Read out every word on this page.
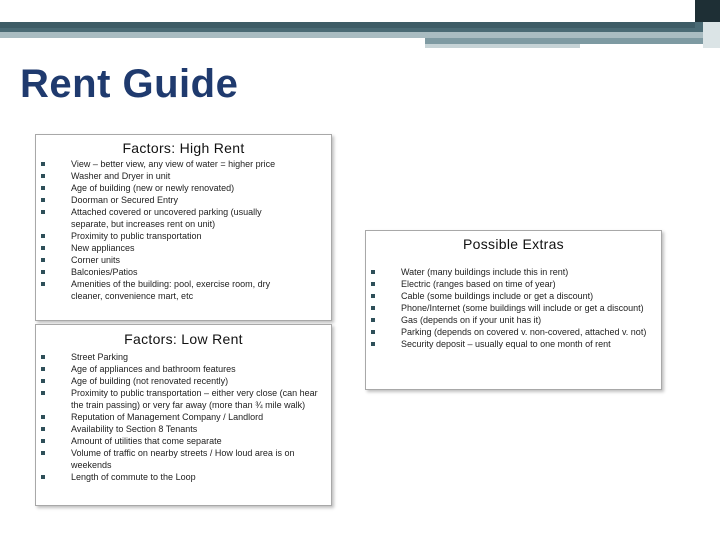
Rent Guide
Factors: High Rent
View – better view, any view of water = higher price
Washer and Dryer in unit
Age of building (new or newly renovated)
Doorman or Secured Entry
Attached covered or uncovered parking (usually separate, but increases rent on unit)
Proximity to public transportation
New appliances
Corner units
Balconies/Patios
Amenities of the building: pool, exercise room, dry cleaner, convenience mart, etc
Factors: Low Rent
Street Parking
Age of appliances and bathroom features
Age of building (not renovated recently)
Proximity to public transportation – either very close (can hear the train passing) or very far away (more than ¾ mile walk)
Reputation of Management Company / Landlord
Availability to Section 8 Tenants
Amount of utilities that come separate
Volume of traffic on nearby streets / How loud area is on weekends
Length of commute to the Loop
Possible Extras
Water (many buildings include this in rent)
Electric (ranges based on time of year)
Cable (some buildings include or get a discount)
Phone/Internet (some buildings will include or get a discount)
Gas (depends on if your unit has it)
Parking (depends on covered v. non-covered, attached v. not)
Security deposit – usually equal to one month of rent
